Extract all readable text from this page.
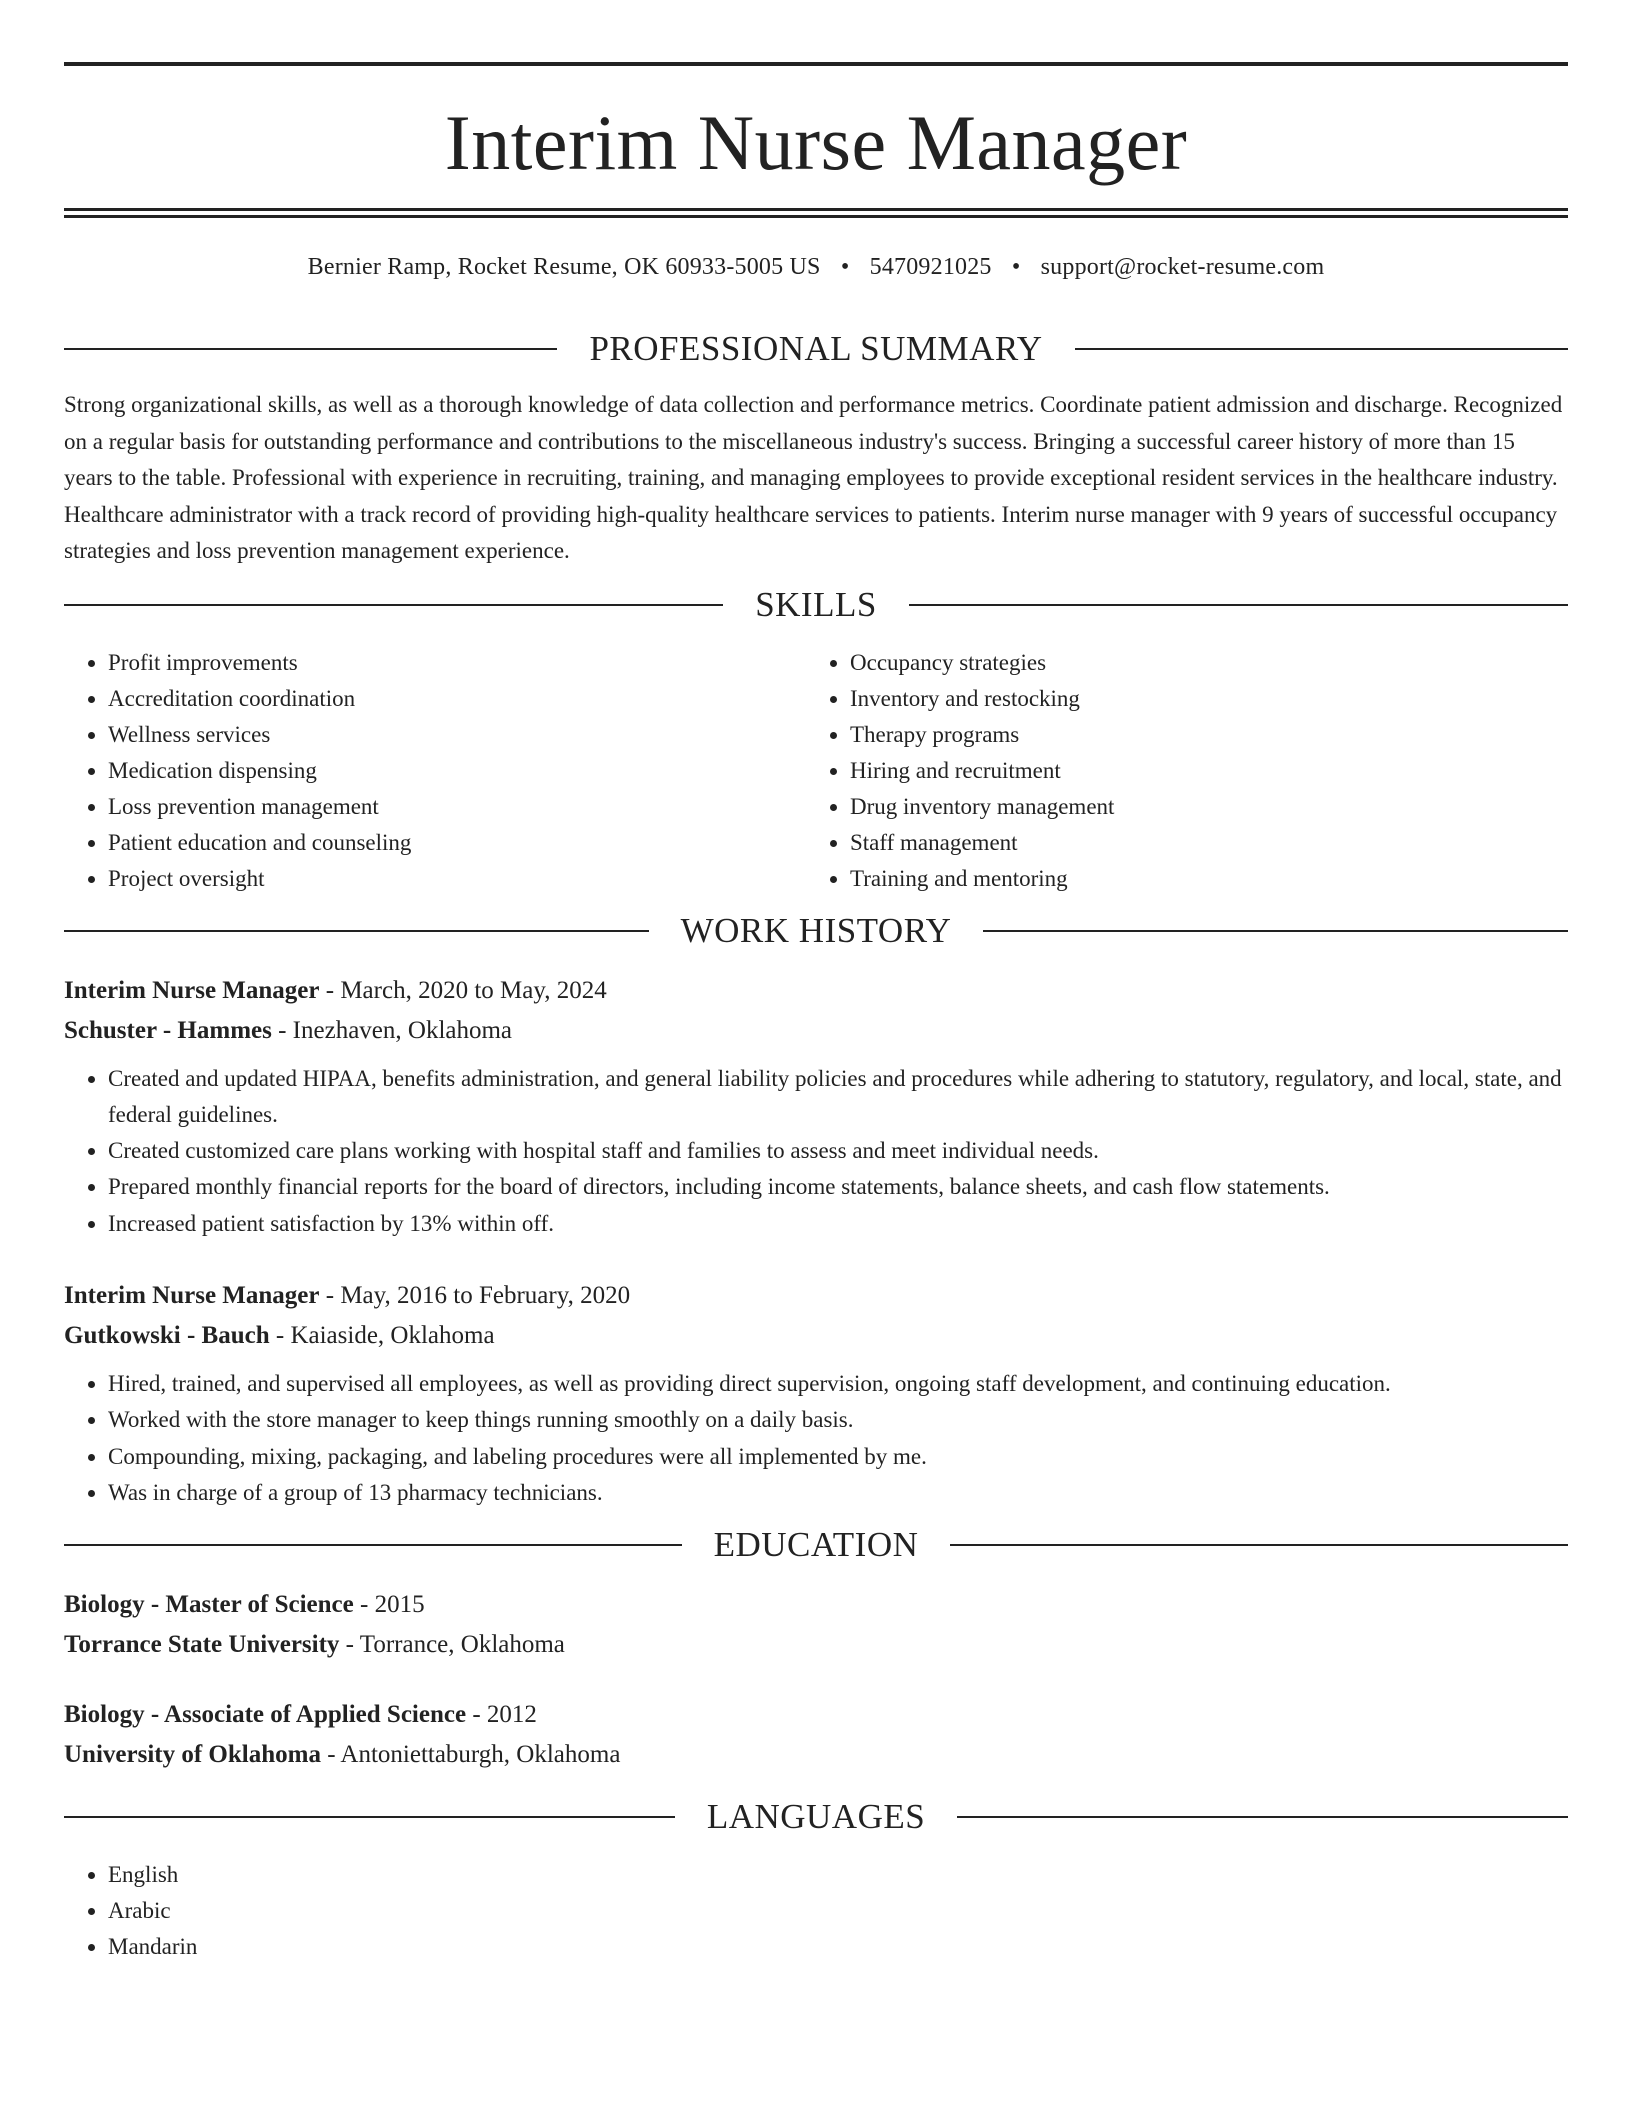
Interim Nurse Manager
Bernier Ramp, Rocket Resume, OK 60933-5005 US • 5470921025 • support@rocket-resume.com
PROFESSIONAL SUMMARY

Strong organizational skills, as well as a thorough knowledge of data collection and performance metrics. Coordinate patient admission and discharge. Recognized on a regular basis for outstanding performance and contributions to the miscellaneous industry's success. Bringing a successful career history of more than 15 years to the table. Professional with experience in recruiting, training, and managing employees to provide exceptional resident services in the healthcare industry. Healthcare administrator with a track record of providing high-quality healthcare services to patients. Interim nurse manager with 9 years of successful occupancy strategies and loss prevention management experience.

SKILLS
• Profit improvements
• Accreditation coordination
• Wellness services
• Medication dispensing
• Loss prevention management
• Patient education and counseling
• Project oversight
• Occupancy strategies
• Inventory and restocking
• Therapy programs
• Hiring and recruitment
• Drug inventory management
• Staff management
• Training and mentoring
WORK HISTORY
Interim Nurse Manager - March, 2020 to May, 2024
Schuster - Hammes - Inezhaven, Oklahoma
• Created and updated HIPAA, benefits administration, and general liability policies and procedures while adhering to statutory, regulatory, and local, state, and federal guidelines.
• Created customized care plans working with hospital staff and families to assess and meet individual needs.
• Prepared monthly financial reports for the board of directors, including income statements, balance sheets, and cash flow statements.
• Increased patient satisfaction by 13% within off.
Interim Nurse Manager - May, 2016 to February, 2020
Gutkowski - Bauch - Kaiaside, Oklahoma
• Hired, trained, and supervised all employees, as well as providing direct supervision, ongoing staff development, and continuing education.
• Worked with the store manager to keep things running smoothly on a daily basis.
• Compounding, mixing, packaging, and labeling procedures were all implemented by me.
• Was in charge of a group of 13 pharmacy technicians.
EDUCATION
Biology - Master of Science - 2015
Torrance State University - Torrance, Oklahoma
Biology - Associate of Applied Science - 2012
University of Oklahoma - Antoniettaburgh, Oklahoma
LANGUAGES
• English
• Arabic
• Mandarin
